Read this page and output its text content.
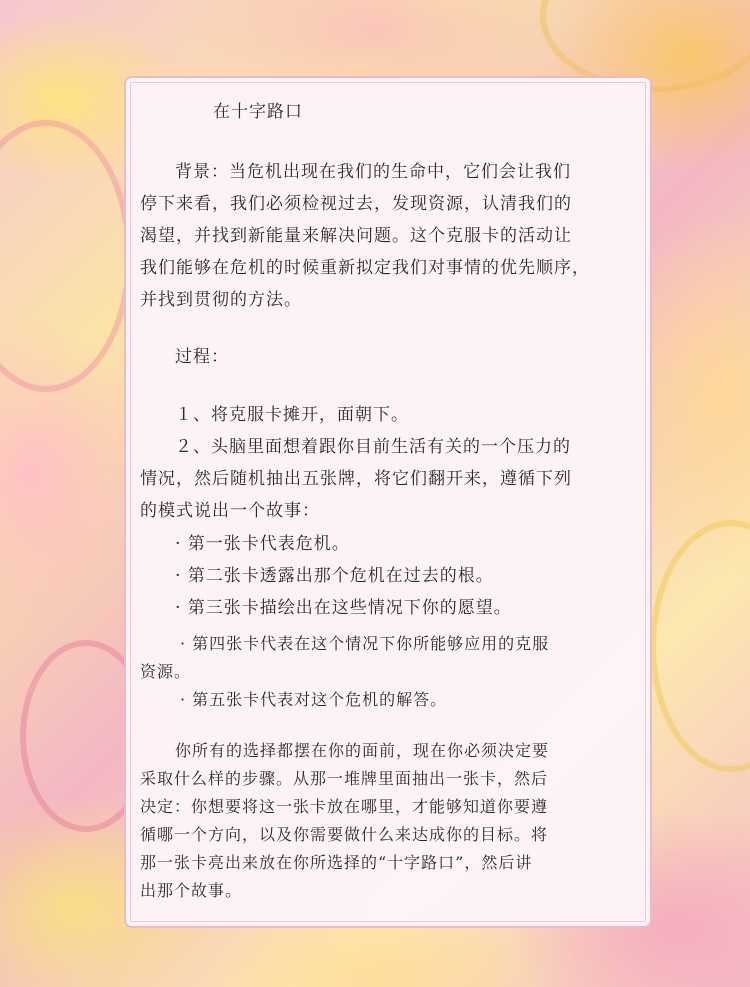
在十字路口
背景：当危机出现在我们的生命中，它们会让我们
停下来看，我们必须检视过去，发现资源，认清我们的
渴望，并找到新能量来解决问题。这个克服卡的活动让
我们能够在危机的时候重新拟定我们对事情的优先顺序，
并找到贯彻的方法。
过程：
１、将克服卡摊开，面朝下。
２、头脑里面想着跟你目前生活有关的一个压力的
情况，然后随机抽出五张牌，将它们翻开来，遵循下列
的模式说出一个故事：
· 第一张卡代表危机。
· 第二张卡透露出那个危机在过去的根。
· 第三张卡描绘出在这些情况下你的愿望。
· 第四张卡代表在这个情况下你所能够应用的克服
资源。
· 第五张卡代表对这个危机的解答。
你所有的选择都摆在你的面前，现在你必须决定要
采取什么样的步骤。从那一堆牌里面抽出一张卡，然后
决定：你想要将这一张卡放在哪里，才能够知道你要遵
循哪一个方向，以及你需要做什么来达成你的目标。将
那一张卡亮出来放在你所选择的“十字路口”，然后讲
出那个故事。
